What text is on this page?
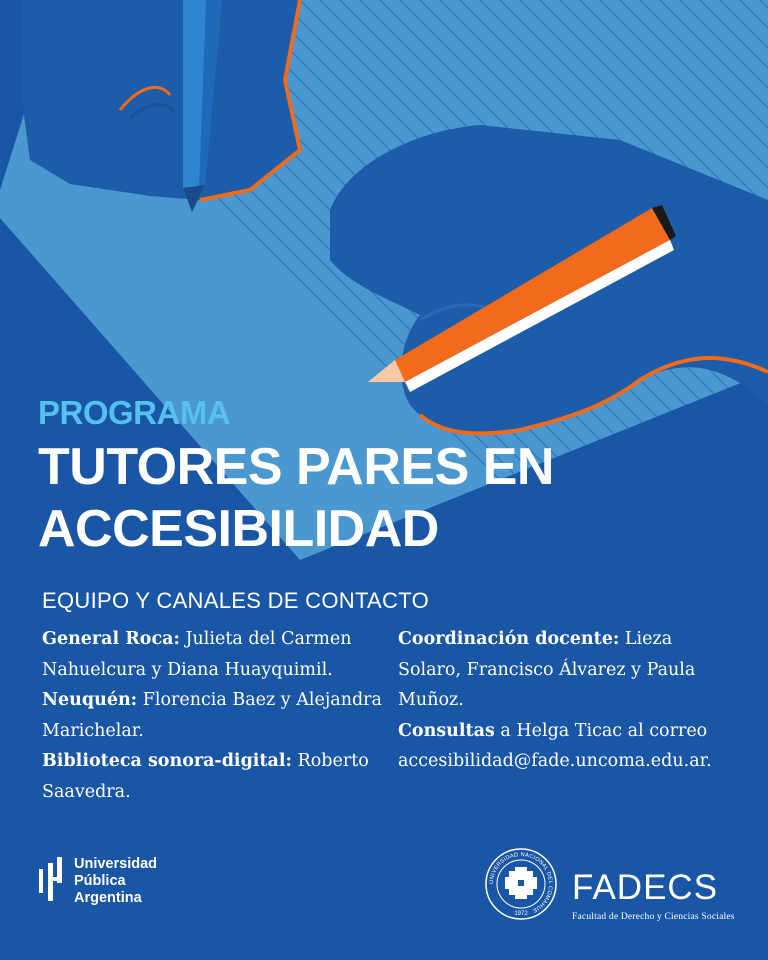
PROGRAMA
TUTORES PARES EN
ACCESIBILIDAD
EQUIPO Y CANALES DE CONTACTO

General Roca: Julieta del Carmen Nahuelcura y Diana Huayquimil.

Neuquén: Florencia Baez y Alejandra Marichelar.

Biblioteca sonora-digital: Roberto Saavedra.

Coordinación docente: Lieza Solaro, Francisco Álvarez y Paula Muñoz.

Consultas a Helga Ticac al correo accesibilidad@fade.uncoma.edu.ar.

Universidad
Pública
Argentina
UNIVERSIDAD NACIONAL DEL COMAHUE
1972
FADECS
Facultad de Derecho y Ciencias Sociales
